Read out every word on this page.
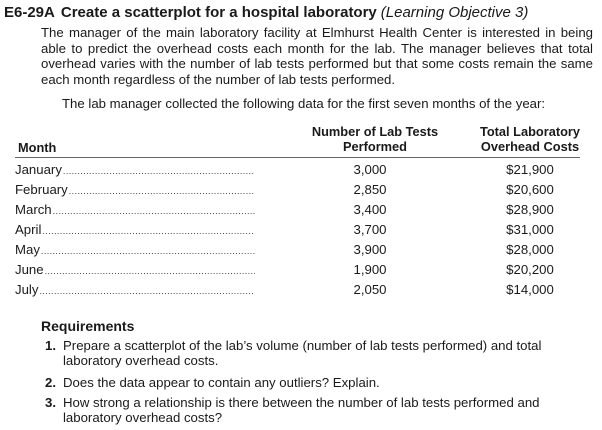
E6-29A Create a scatterplot for a hospital laboratory (Learning Objective 3)
The manager of the main laboratory facility at Elmhurst Health Center is interested in being able to predict the overhead costs each month for the lab. The manager believes that total overhead varies with the number of lab tests performed but that some costs remain the same each month regardless of the number of lab tests performed.
The lab manager collected the following data for the first seven months of the year:
Month
Number of Lab Tests
Performed
Total Laboratory
Overhead Costs
January .....	3,000	$21,900
February .....	2,850	$20,600
March .....	3,400	$28,900
April .....	3,700	$31,000
May .....	3,900	$28,000
June .....	1,900	$20,200
July .....	2,050	$14,000
Requirements
1. Prepare a scatterplot of the lab’s volume (number of lab tests performed) and total laboratory overhead costs.
2. Does the data appear to contain any outliers? Explain.
3. How strong a relationship is there between the number of lab tests performed and laboratory overhead costs?
